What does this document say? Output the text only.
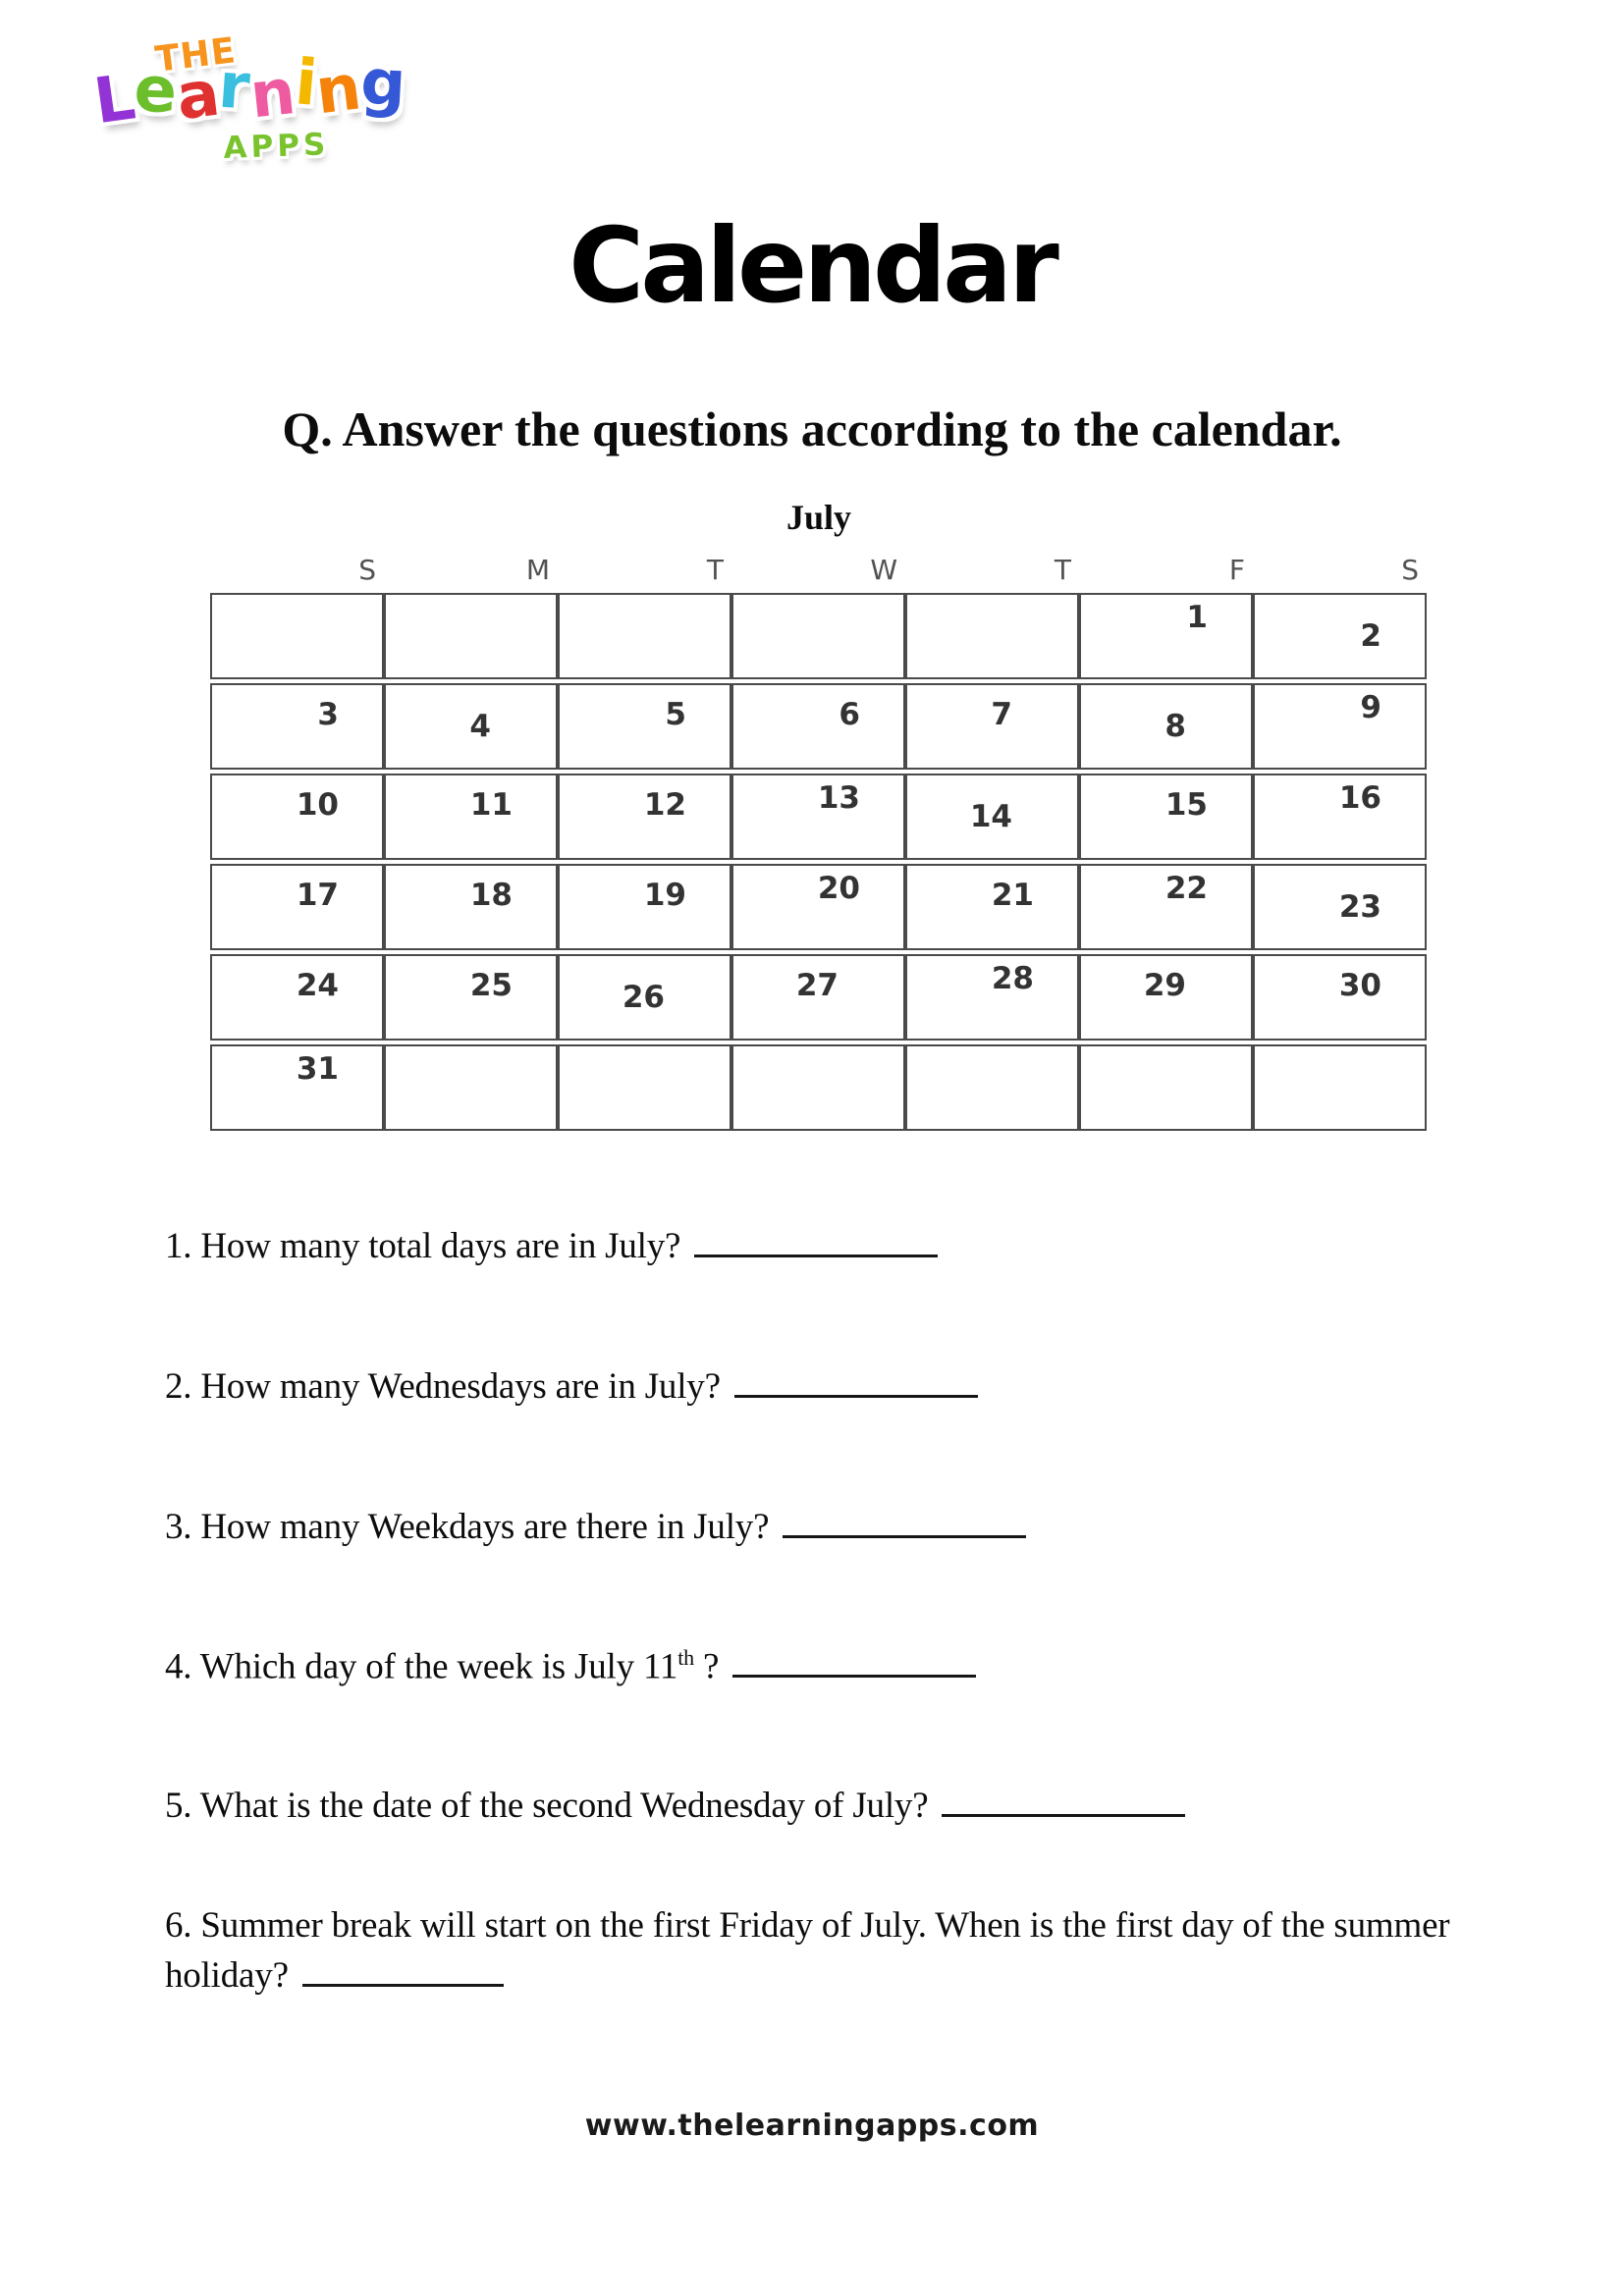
THE
Learning
APPS
Calendar
Q. Answer the questions according to the calendar.
July
S	M	T	W	T	F	S
					1	2
3	4	5	6	7	8	9
10	11	12	13	14	15	16
17	18	19	20	21	22	23
24	25	26	27	28	29	30
31						
1. How many total days are in July?
2. How many Wednesdays are in July?
3. How many Weekdays are there in July?
4. Which day of the week is July 11th ?
5. What is the date of the second Wednesday of July?
6. Summer break will start on the first Friday of July. When is the first day of the summer holiday?
www.thelearningapps.com
